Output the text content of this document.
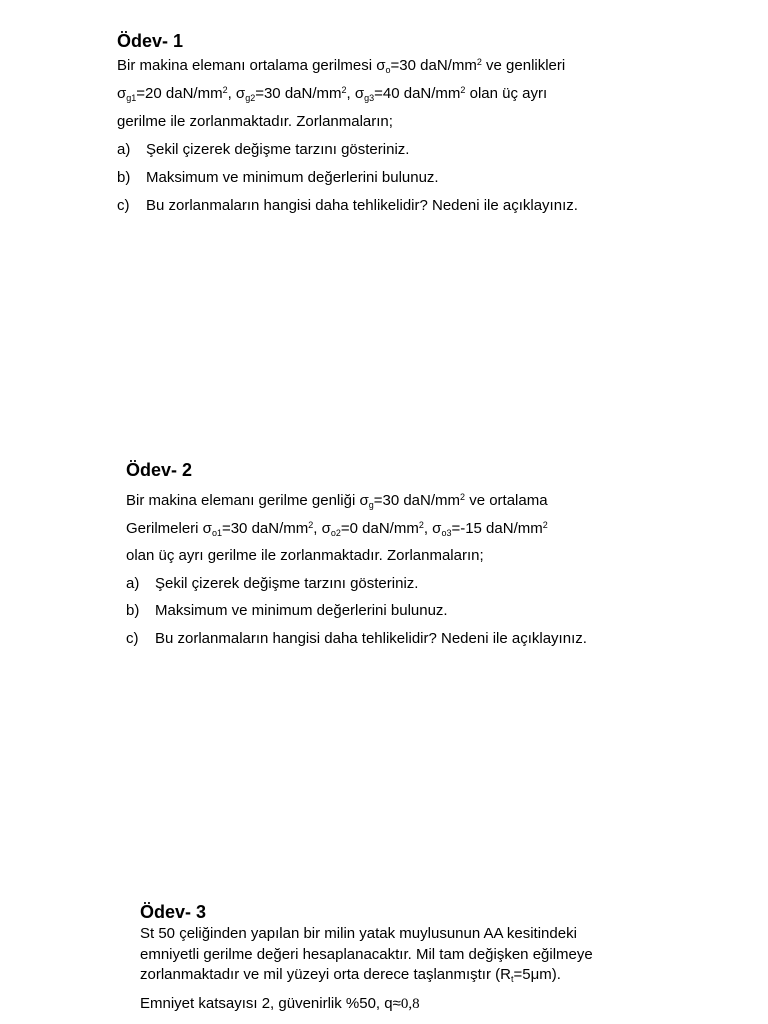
Ödev- 1
Bir makina elemanı ortalama gerilmesi $\sigma_o=30$ daN/$mm^2$ ve genlikleri
$\sigma_{g1}=20$ daN/$mm^2$, $\sigma_{g2}=30$ daN/$mm^2$, $\sigma_{g3}=40$ daN/$mm^2$ olan üç ayrı
gerilme ile zorlanmaktadır. Zorlanmaların;
a)	Şekil çizerek değişme tarzını gösteriniz.
b)	Maksimum ve minimum değerlerini bulunuz.
c)	Bu zorlanmaların hangisi daha tehlikelidir? Nedeni ile açıklayınız.
Ödev- 2
Bir makina elemanı gerilme genliği $\sigma_g=30$ daN/$mm^2$ ve ortalama
Gerilmeleri $\sigma_{o1}=30$ daN/$mm^2$, $\sigma_{o2}=0$ daN/$mm^2$, $\sigma_{o3}=-15$ daN/$mm^2$
olan üç ayrı gerilme ile zorlanmaktadır. Zorlanmaların;
a)	Şekil çizerek değişme tarzını gösteriniz.
b)	Maksimum ve minimum değerlerini bulunuz.
c)	Bu zorlanmaların hangisi daha tehlikelidir? Nedeni ile açıklayınız.
Ödev- 3
St 50 çeliğinden yapılan bir milin yatak muylusunun AA kesitindeki
emniyetli gerilme değeri hesaplanacaktır. Mil tam değişken eğilmeye
zorlanmaktadır ve mil yüzeyi orta derece taşlanmıştır $(R_t=5\mu m)$.
Emniyet katsayısı 2, güvenirlik %50, q≈0,8
